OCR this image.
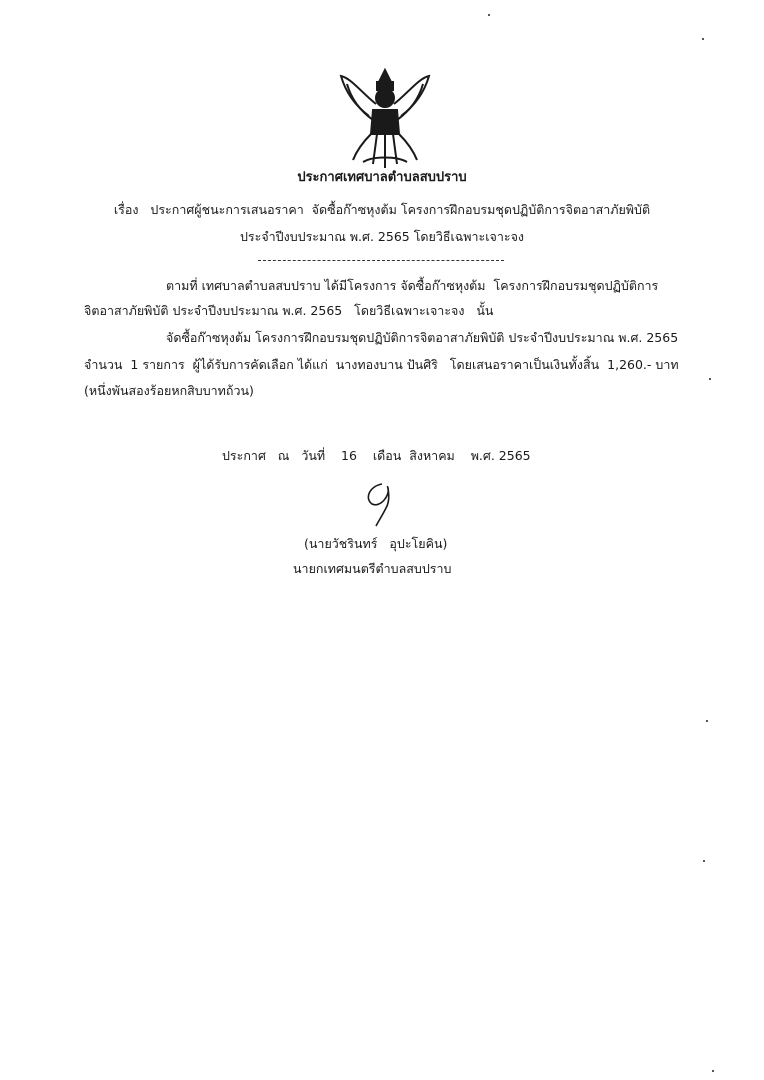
ประกาศเทศบาลตำบลสบปราบ
เรื่อง   ประกาศผู้ชนะการเสนอราคา  จัดซื้อก๊าซหุงต้ม โครงการฝึกอบรมชุดปฏิบัติการจิตอาสาภัยพิบัติ
ประจำปีงบประมาณ พ.ศ. 2565 โดยวิธีเฉพาะเจาะจง
ตามที่ เทศบาลตำบลสบปราบ ได้มีโครงการ จัดซื้อก๊าซหุงต้ม  โครงการฝึกอบรมชุดปฏิบัติการ
จิตอาสาภัยพิบัติ ประจำปีงบประมาณ พ.ศ. 2565   โดยวิธีเฉพาะเจาะจง   นั้น
จัดซื้อก๊าซหุงต้ม โครงการฝึกอบรมชุดปฏิบัติการจิตอาสาภัยพิบัติ ประจำปีงบประมาณ พ.ศ. 2565
จำนวน  1 รายการ  ผู้ได้รับการคัดเลือก ได้แก่  นางทองบาน ปันศิริ   โดยเสนอราคาเป็นเงินทั้งสิ้น  1,260.- บาท
(หนึ่งพันสองร้อยหกสิบบาทถ้วน)
ประกาศ   ณ   วันที่    16    เดือน  สิงหาคม    พ.ศ. 2565
(นายวัชรินทร์   อุปะโยคิน)
นายกเทศมนตรีตำบลสบปราบ
